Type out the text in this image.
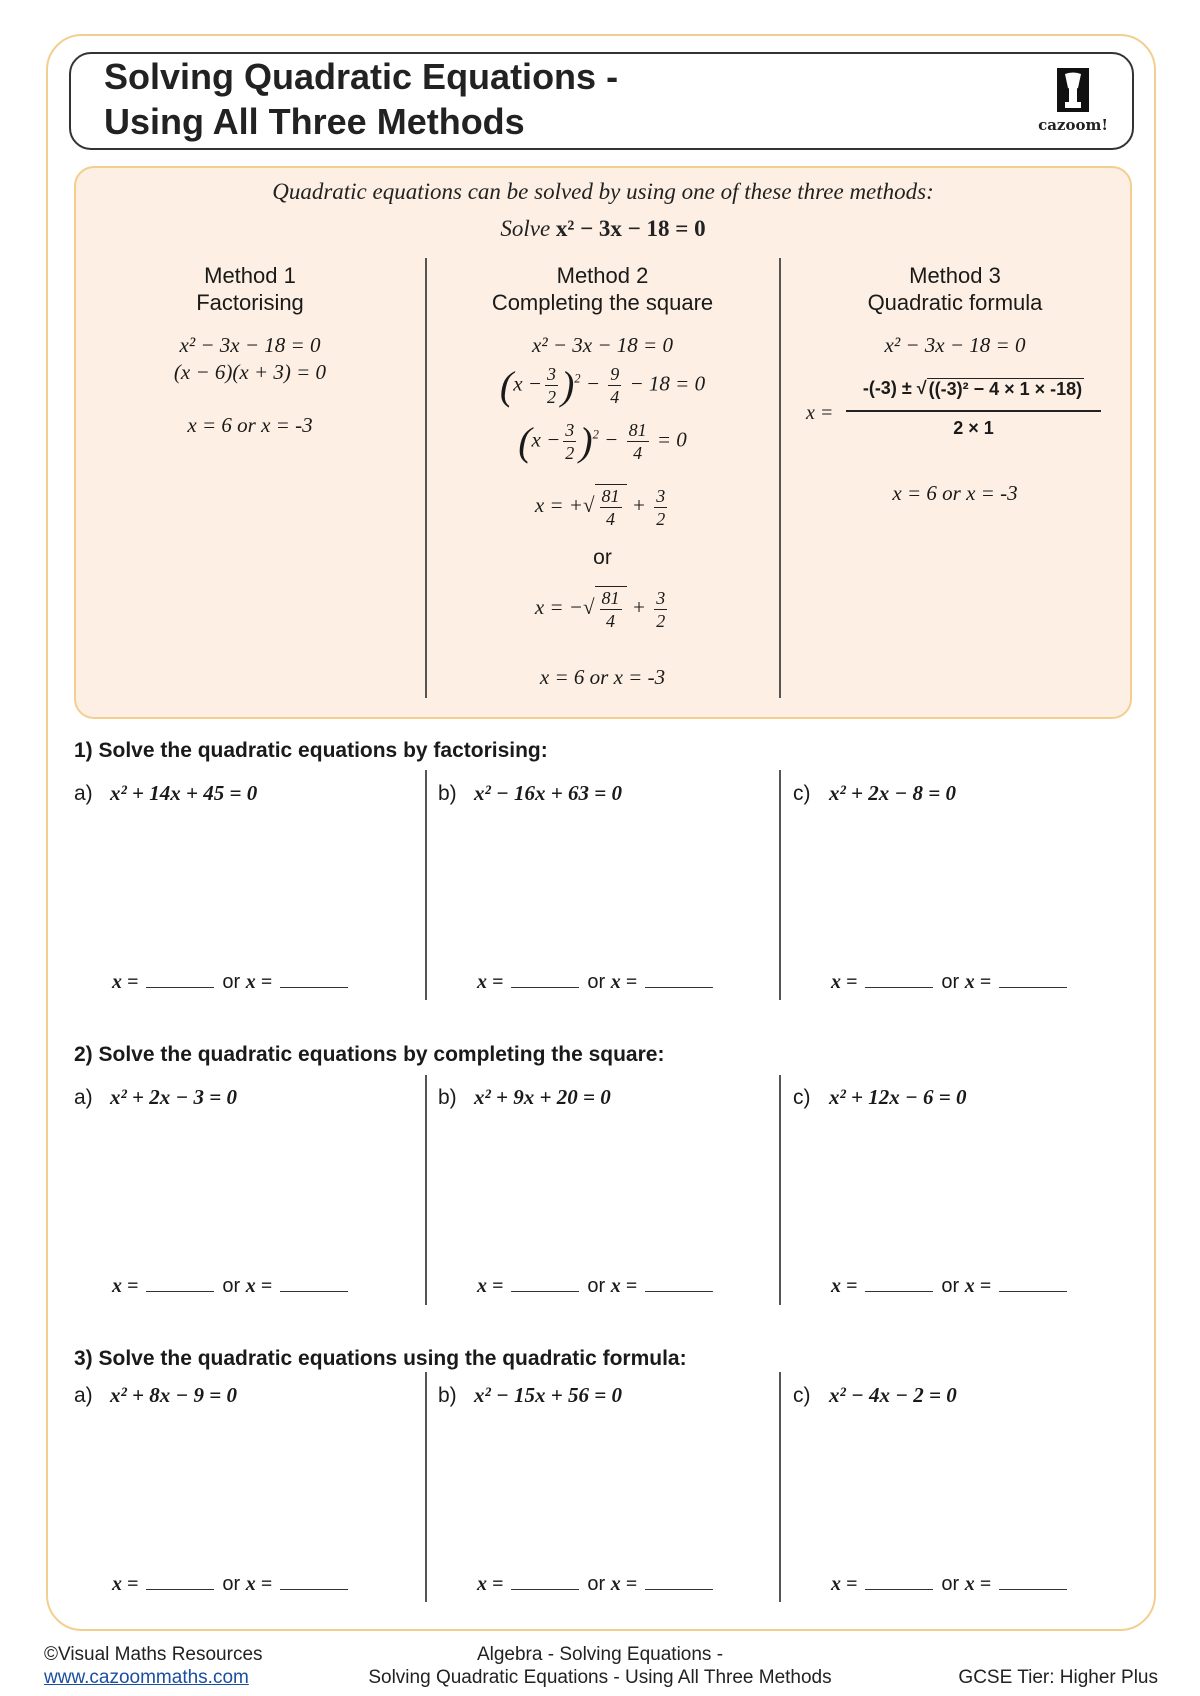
Solving Quadratic Equations -
Using All Three Methods	cazoom!
Quadratic equations can be solved by using one of these three methods:
Solve x² − 3x − 18 = 0
Method 1
Factorising
x² − 3x − 18 = 0
(x − 6)(x + 3) = 0
x = 6 or x = -3
Method 2
Completing the square
x² − 3x − 18 = 0
$(x - \frac{3}{2} )^2 - \frac{9}{4} - 18 = 0$
$(x - \frac{3}{2} )^2 - \frac{81}{4} = 0$
x = +√ $\frac{81}{4} + \frac{3}{2}$
or
x = −√ $\frac{81}{4} + \frac{3}{2}$
x = 6 or x = -3
Method 3
Quadratic formula
x² − 3x − 18 = 0
x =
-(-3) ± √ ((-3)² − 4 × 1 × -18)
2 × 1
x = 6 or x = -3
1) Solve the quadratic equations by factorising:
a) x² + 14x + 45 = 0	b) x² − 16x + 63 = 0	c) x² + 2x − 8 = 0
x =	or x =	x =	or x =	x =	or x =
2) Solve the quadratic equations by completing the square:
a) x² + 2x − 3 = 0	b) x² + 9x + 20 = 0	c) x² + 12x − 6 = 0
x =	or x =	x =	or x =	x =	or x =
3) Solve the quadratic equations using the quadratic formula:
a) x² + 8x − 9 = 0	b) x² − 15x + 56 = 0	c) x² − 4x − 2 = 0
x =	or x =	x =	or x =	x =	or x =
©Visual Maths Resources
www.cazoommaths.com
Algebra - Solving Equations -
Solving Quadratic Equations - Using All Three Methods	GCSE Tier: Higher Plus
